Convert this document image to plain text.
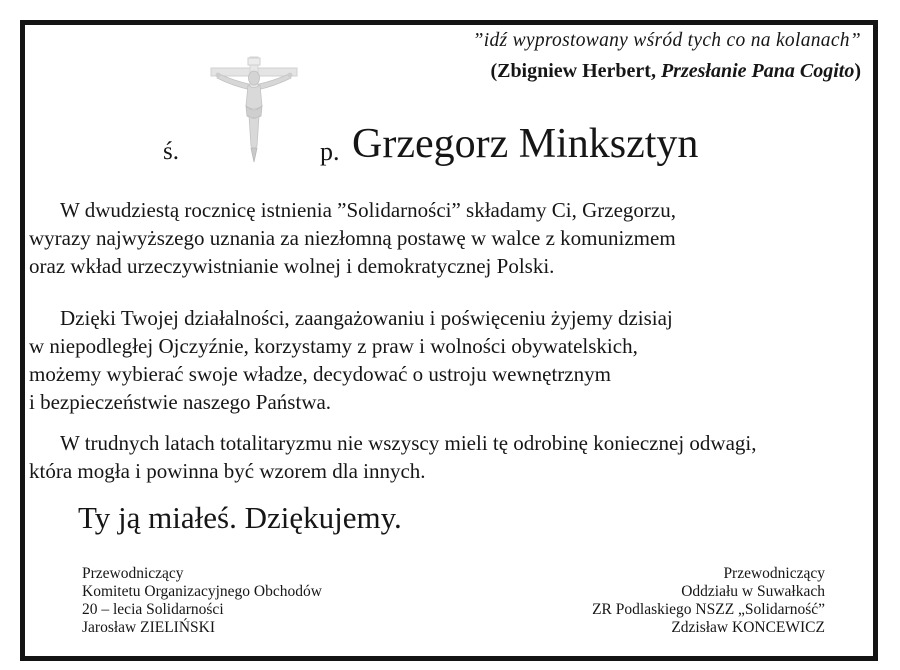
”idź wyprostowany wśród tych co na kolanach”
(Zbigniew Herbert, Przesłanie Pana Cogito)
ś.	p. Grzegorz Minksztyn
W dwudziestą rocznicę istnienia ”Solidarności” składamy Ci, Grzegorzu,
wyrazy najwyższego uznania za niezłomną postawę w walce z komunizmem
oraz wkład urzeczywistnianie wolnej i demokratycznej Polski.
Dzięki Twojej działalności, zaangażowaniu i poświęceniu żyjemy dzisiaj
w niepodległej Ojczyźnie, korzystamy z praw i wolności obywatelskich,
możemy wybierać swoje władze, decydować o ustroju wewnętrznym
i bezpieczeństwie naszego Państwa.
W trudnych latach totalitaryzmu nie wszyscy mieli tę odrobinę koniecznej odwagi,
która mogła i powinna być wzorem dla innych.
Ty ją miałeś. Dziękujemy.
Przewodniczący
Komitetu Organizacyjnego Obchodów
20 – lecia Solidarności
Jarosław ZIELIŃSKI
Przewodniczący
Oddziału w Suwałkach
ZR Podlaskiego NSZZ „Solidarność”
Zdzisław KONCEWICZ
